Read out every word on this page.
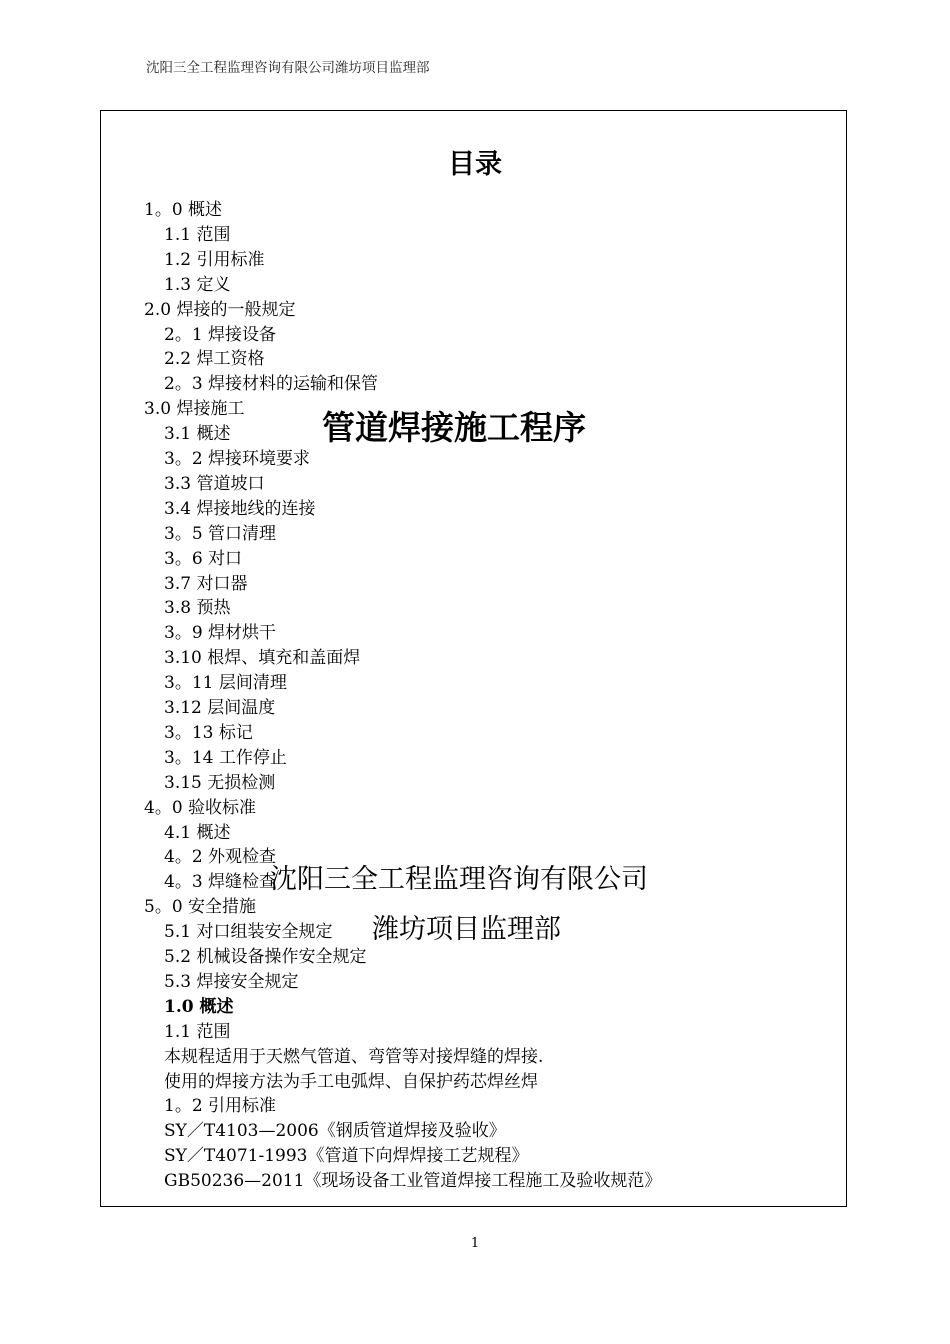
沈阳三全工程监理咨询有限公司潍坊项目监理部
目录
1。0 概述
1.1 范围
1.2 引用标准
1.3 定义
2.0 焊接的一般规定
2。1 焊接设备
2.2 焊工资格
2。3 焊接材料的运输和保管
3.0 焊接施工
3.1 概述
3。2 焊接环境要求
3.3 管道坡口
3.4 焊接地线的连接
3。5 管口清理
3。6 对口
3.7 对口器
3.8 预热
3。9 焊材烘干
3.10 根焊、填充和盖面焊
3。11 层间清理
3.12 层间温度
3。13 标记
3。14 工作停止
3.15 无损检测
4。0 验收标准
4.1 概述
4。2 外观检查
4。3 焊缝检查
5。0 安全措施
5.1 对口组装安全规定
5.2 机械设备操作安全规定
5.3 焊接安全规定
1.0 概述
1.1 范围
本规程适用于天燃气管道、弯管等对接焊缝的焊接.
使用的焊接方法为手工电弧焊、自保护药芯焊丝焊
1。2 引用标准
SY／T4103—2006《钢质管道焊接及验收》
SY／T4071-1993《管道下向焊焊接工艺规程》
GB50236—2011《现场设备工业管道焊接工程施工及验收规范》
管道焊接施工程序
沈阳三全工程监理咨询有限公司
潍坊项目监理部
1
